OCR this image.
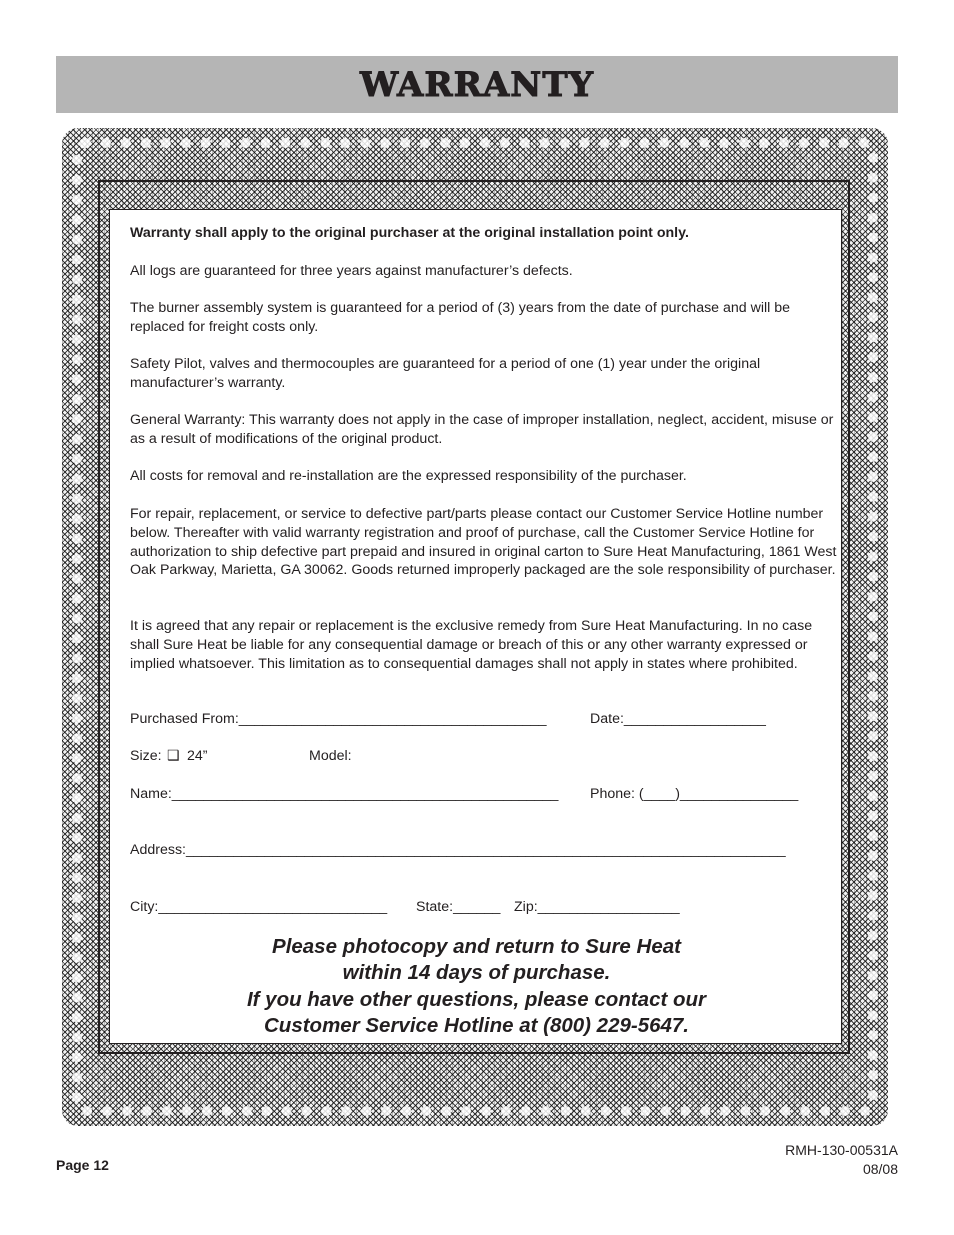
WARRANTY

Warranty shall apply to the original purchaser at the original installation point only.

All logs are guaranteed for three years against manufacturer’s defects.

The burner assembly system is guaranteed for a period of (3) years from the date of purchase and will be replaced for freight costs only.

Safety Pilot, valves and thermocouples are guaranteed for a period of one (1) year under the original manufacturer’s warranty.

General Warranty: This warranty does not apply in the case of improper installation, neglect, accident, misuse or as a result of modifications of the original product.

All costs for removal and re-installation are the expressed responsibility of the purchaser.

For repair, replacement, or service to defective part/parts please contact our Customer Service Hotline number below. Thereafter with valid warranty registration and proof of purchase, call the Customer Service Hotline for authorization to ship defective part prepaid and insured in original carton to Sure Heat Manufacturing, 1861 West Oak Parkway, Marietta, GA 30062. Goods returned improperly packaged are the sole responsibility of purchaser.

It is agreed that any repair or replacement is the exclusive remedy from Sure Heat Manufacturing. In no case shall Sure Heat be liable for any consequential damage or breach of this or any other warranty expressed or implied whatsoever. This limitation as to consequential damages shall not apply in states where prohibited.

Purchased From:_______________________________________	Date:__________________
Size: ❑ 24”	Model:
Name:_________________________________________________ Phone: (____)_______________
Address:____________________________________________________________________________
City:_____________________________ State:______ Zip:__________________
Please photocopy and return to Sure Heat
within 14 days of purchase.
If you have other questions, please contact our
Customer Service Hotline at (800) 229-5647.
Page 12
RMH-130-00531A
08/08
